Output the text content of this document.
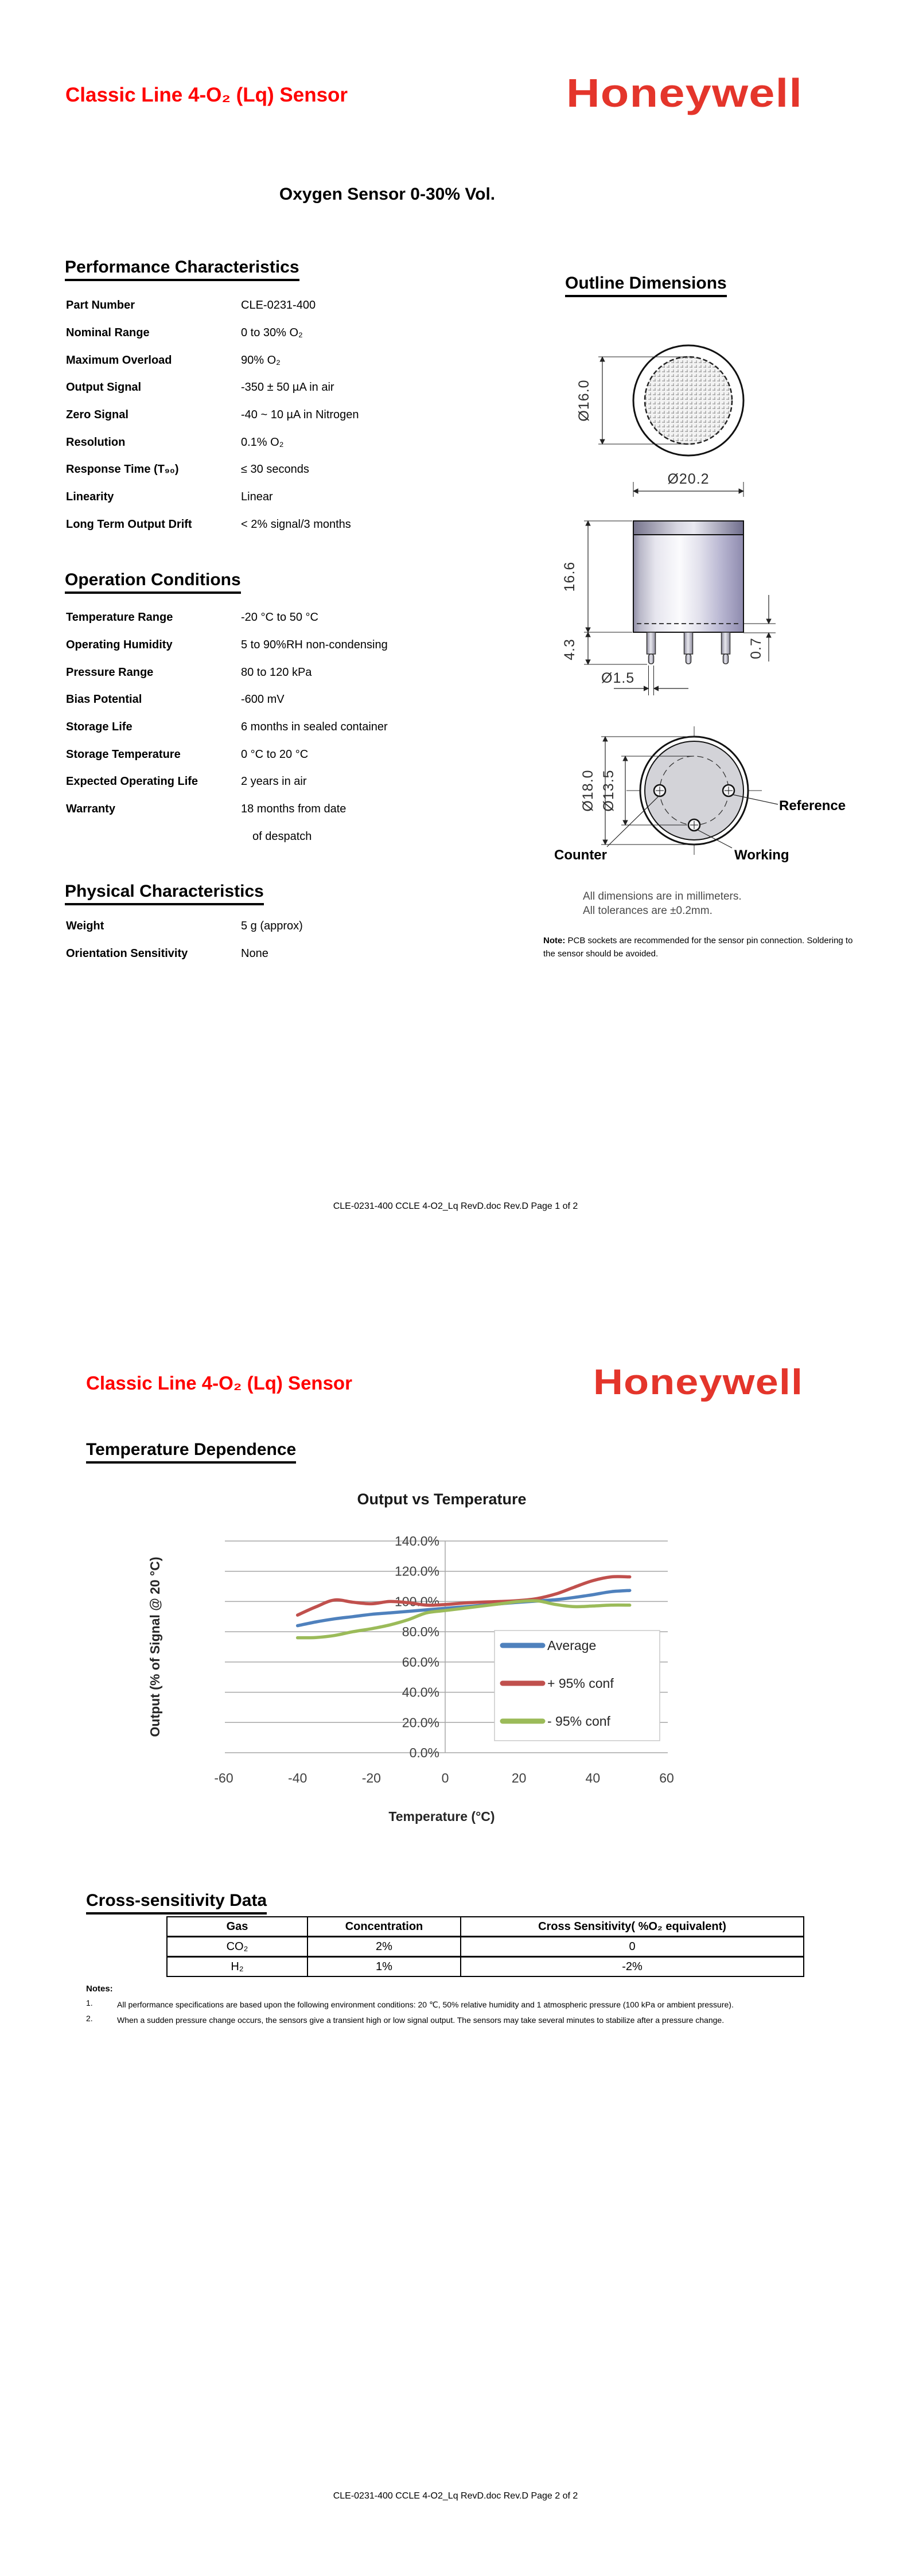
Classic Line 4-O₂ (Lq) Sensor	Honeywell
Oxygen Sensor 0-30% Vol.
Performance Characteristics
Part Number	CLE-0231-400
Nominal Range	0 to 30% O₂
Maximum Overload	90% O₂
Output Signal	-350 ± 50 µA in air
Zero Signal	-40 ~ 10 µA in Nitrogen
Resolution	0.1% O₂
Response Time (T₉₀)	≤ 30 seconds
Linearity	Linear
Long Term Output Drift	< 2% signal/3 months
Operation Conditions
Temperature Range	-20 °C to 50 °C
Operating Humidity	5 to 90%RH non-condensing
Pressure Range	80 to 120 kPa
Bias Potential	-600 mV
Storage Life	6 months in sealed container
Storage Temperature	0 °C to 20 °C
Expected Operating Life	2 years in air
Warranty	18 months from date
of despatch
Physical Characteristics
Weight	5 g (approx)
Orientation Sensitivity	None
Outline Dimensions
Ø16.0
Ø20.2
16.6
4.3
Ø1.5
0.7
Ø18.0 Ø13.5
Counter	Working
Reference
All dimensions are in millimeters.
All tolerances are ±0.2mm.
Note: PCB sockets are recommended for the sensor pin connection. Soldering to the sensor should be avoided.
CLE-0231-400 CCLE 4-O2_Lq RevD.doc Rev.D Page 1 of 2
Classic Line 4-O₂ (Lq) Sensor	Honeywell
Temperature Dependence
140.0%
120.0%
100.0%
80.0%
60.0%
40.0%
20.0%
0.0%
-60	-40	-20	0	20	40	60
Average
+ 95% conf
- 95% conf
Output vs Temperature
Temperature (°C)
Output (% of Signal @ 20 °C)
Cross-sensitivity Data
Gas	Concentration	Cross Sensitivity( %O₂ equivalent)
CO₂	2%	0
H₂	1%	-2%
Notes:
1.	All performance specifications are based upon the following environment conditions: 20 ℃, 50% relative humidity and 1 atmospheric pressure (100 kPa or ambient pressure).
2.	When a sudden pressure change occurs, the sensors give a transient high or low signal output. The sensors may take several minutes to stabilize after a pressure change.
CLE-0231-400 CCLE 4-O2_Lq RevD.doc Rev.D Page 2 of 2
